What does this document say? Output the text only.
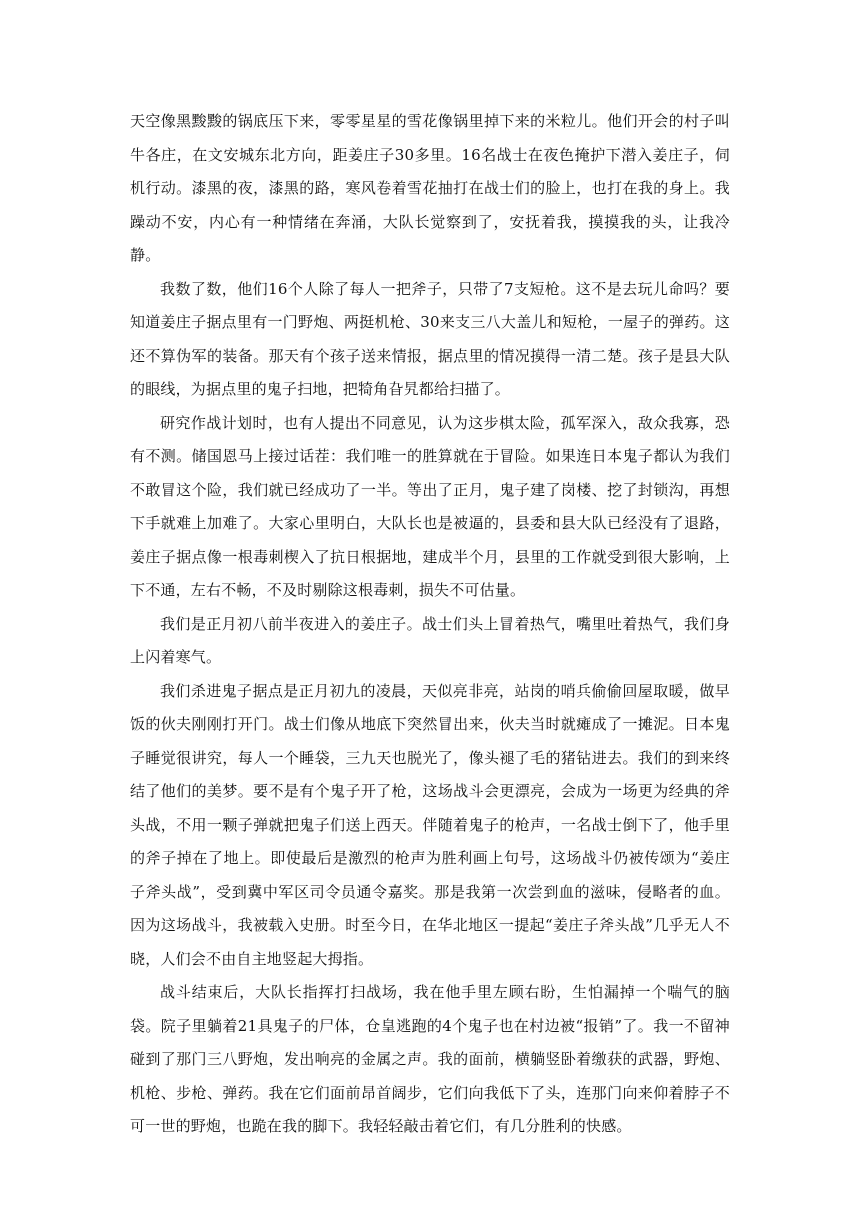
天空像黑黢黢的锅底压下来，零零星星的雪花像锅里掉下来的米粒儿。他们开会的村子叫牛各庄，在文安城东北方向，距姜庄子30多里。16名战士在夜色掩护下潜入姜庄子，伺机行动。漆黑的夜，漆黑的路，寒风卷着雪花抽打在战士们的脸上，也打在我的身上。我躁动不安，内心有一种情绪在奔涌，大队长觉察到了，安抚着我，摸摸我的头，让我冷静。

我数了数，他们16个人除了每人一把斧子，只带了7支短枪。这不是去玩儿命吗？要知道姜庄子据点里有一门野炮、两挺机枪、30来支三八大盖儿和短枪，一屋子的弹药。这还不算伪军的装备。那天有个孩子送来情报，据点里的情况摸得一清二楚。孩子是县大队的眼线，为据点里的鬼子扫地，把犄角旮旯都给扫描了。

研究作战计划时，也有人提出不同意见，认为这步棋太险，孤军深入，敌众我寡，恐有不测。储国恩马上接过话茬：我们唯一的胜算就在于冒险。如果连日本鬼子都认为我们不敢冒这个险，我们就已经成功了一半。等出了正月，鬼子建了岗楼、挖了封锁沟，再想下手就难上加难了。大家心里明白，大队长也是被逼的，县委和县大队已经没有了退路，姜庄子据点像一根毒刺楔入了抗日根据地，建成半个月，县里的工作就受到很大影响，上下不通，左右不畅，不及时剔除这根毒刺，损失不可估量。

我们是正月初八前半夜进入的姜庄子。战士们头上冒着热气，嘴里吐着热气，我们身上闪着寒气。

我们杀进鬼子据点是正月初九的凌晨，天似亮非亮，站岗的哨兵偷偷回屋取暖，做早饭的伙夫刚刚打开门。战士们像从地底下突然冒出来，伙夫当时就瘫成了一摊泥。日本鬼子睡觉很讲究，每人一个睡袋，三九天也脱光了，像头褪了毛的猪钻进去。我们的到来终结了他们的美梦。要不是有个鬼子开了枪，这场战斗会更漂亮，会成为一场更为经典的斧头战，不用一颗子弹就把鬼子们送上西天。伴随着鬼子的枪声，一名战士倒下了，他手里的斧子掉在了地上。即使最后是激烈的枪声为胜利画上句号，这场战斗仍被传颂为“姜庄子斧头战”，受到冀中军区司令员通令嘉奖。那是我第一次尝到血的滋味，侵略者的血。因为这场战斗，我被载入史册。时至今日，在华北地区一提起“姜庄子斧头战”几乎无人不晓，人们会不由自主地竖起大拇指。

战斗结束后，大队长指挥打扫战场，我在他手里左顾右盼，生怕漏掉一个喘气的脑袋。院子里躺着21具鬼子的尸体，仓皇逃跑的4个鬼子也在村边被“报销”了。我一不留神碰到了那门三八野炮，发出响亮的金属之声。我的面前，横躺竖卧着缴获的武器，野炮、机枪、步枪、弹药。我在它们面前昂首阔步，它们向我低下了头，连那门向来仰着脖子不可一世的野炮，也跪在我的脚下。我轻轻敲击着它们，有几分胜利的快感。
